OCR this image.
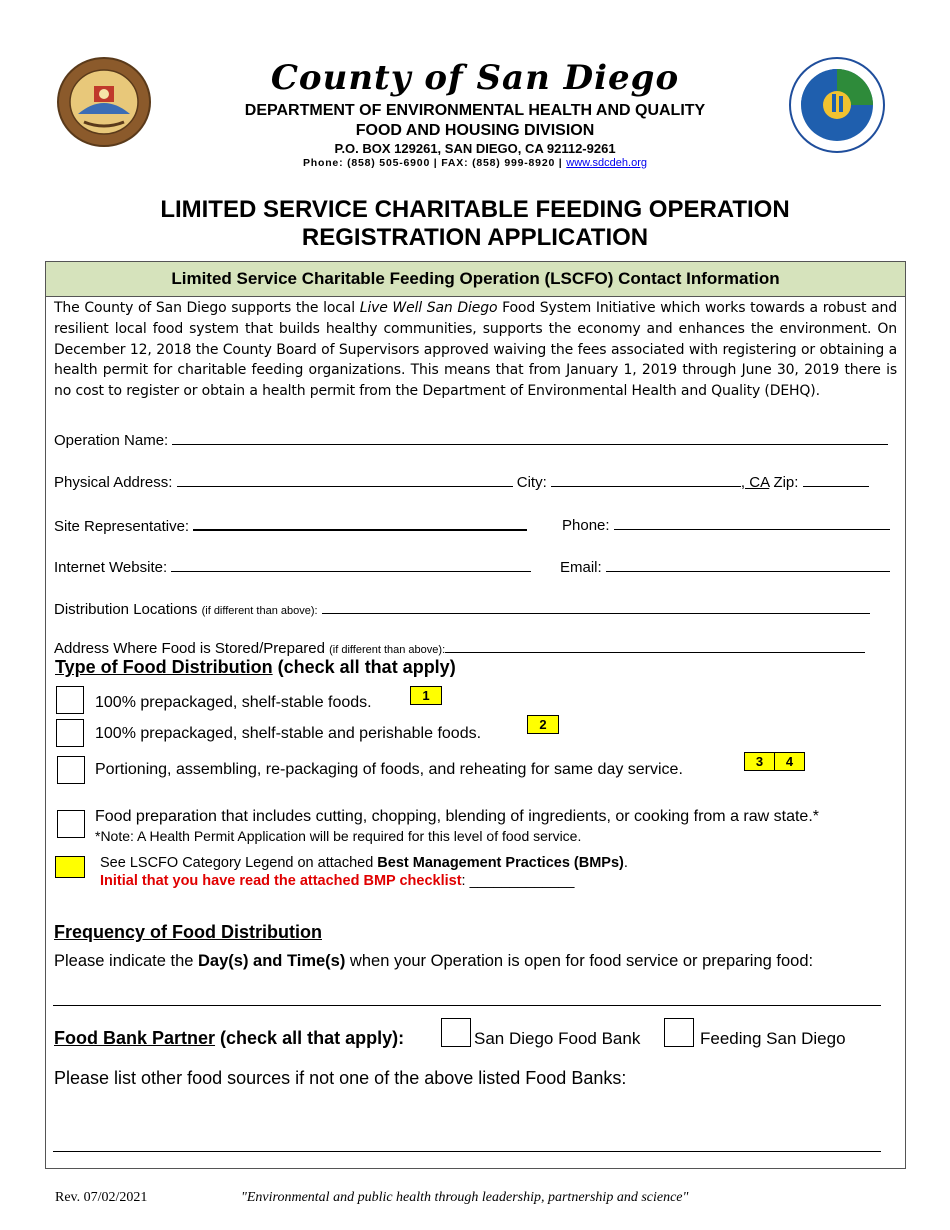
County of San Diego
DEPARTMENT OF ENVIRONMENTAL HEALTH AND QUALITY
FOOD AND HOUSING DIVISION
P.O. BOX 129261, SAN DIEGO, CA 92112-9261
Phone: (858) 505-6900 | FAX: (858) 999-8920 | www.sdcdeh.org
LIMITED SERVICE CHARITABLE FEEDING OPERATION
REGISTRATION APPLICATION
Limited Service Charitable Feeding Operation (LSCFO) Contact Information
The County of San Diego supports the local Live Well San Diego Food System Initiative which works towards a robust and resilient local food system that builds healthy communities, supports the economy and enhances the environment. On December 12, 2018 the County Board of Supervisors approved waiving the fees associated with registering or obtaining a health permit for charitable feeding organizations. This means that from January 1, 2019 through June 30, 2019 there is no cost to register or obtain a health permit from the Department of Environmental Health and Quality (DEHQ).
Operation Name:
Physical Address:	City:	, CA Zip:
Site Representative:	Phone:
Internet Website:	Email:
Distribution Locations (if different than above):
Address Where Food is Stored/Prepared (if different than above):
Type of Food Distribution (check all that apply)
100% prepackaged, shelf-stable foods.	1
100% prepackaged, shelf-stable and perishable foods.
2
Portioning, assembling, re-packaging of foods, and reheating for same day service.	3	4
Food preparation that includes cutting, chopping, blending of ingredients, or cooking from a raw state.*
*Note: A Health Permit Application will be required for this level of food service.
See LSCFO Category Legend on attached Best Management Practices (BMPs).
Initial that you have read the attached BMP checklist: _____________
Frequency of Food Distribution
Please indicate the Day(s) and Time(s) when your Operation is open for food service or preparing food:
Food Bank Partner (check all that apply):	San Diego Food Bank	Feeding San Diego
Please list other food sources if not one of the above listed Food Banks:
Rev. 07/02/2021	"Environmental and public health through leadership, partnership and science"
